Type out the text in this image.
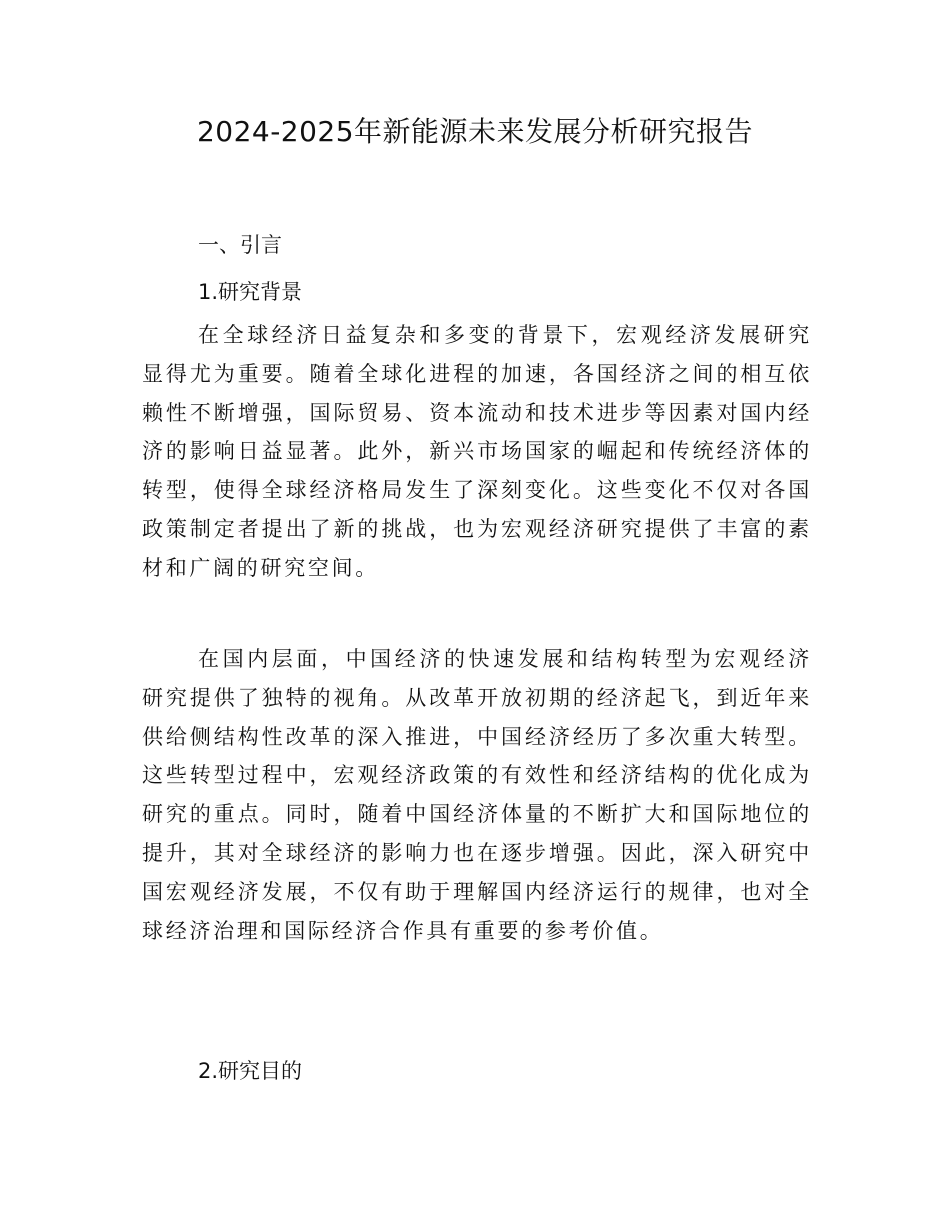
2024-2025年新能源未来发展分析研究报告
一、引言
1.研究背景

在全球经济日益复杂和多变的背景下，宏观经济发展研究显得尤为重要。随着全球化进程的加速，各国经济之间的相互依赖性不断增强，国际贸易、资本流动和技术进步等因素对国内经济的影响日益显著。此外，新兴市场国家的崛起和传统经济体的转型，使得全球经济格局发生了深刻变化。这些变化不仅对各国政策制定者提出了新的挑战，也为宏观经济研究提供了丰富的素材和广阔的研究空间。

在国内层面，中国经济的快速发展和结构转型为宏观经济研究提供了独特的视角。从改革开放初期的经济起飞，到近年来供给侧结构性改革的深入推进，中国经济经历了多次重大转型。这些转型过程中，宏观经济政策的有效性和经济结构的优化成为研究的重点。同时，随着中国经济体量的不断扩大和国际地位的提升，其对全球经济的影响力也在逐步增强。因此，深入研究中国宏观经济发展，不仅有助于理解国内经济运行的规律，也对全球经济治理和国际经济合作具有重要的参考价值。

2.研究目的
